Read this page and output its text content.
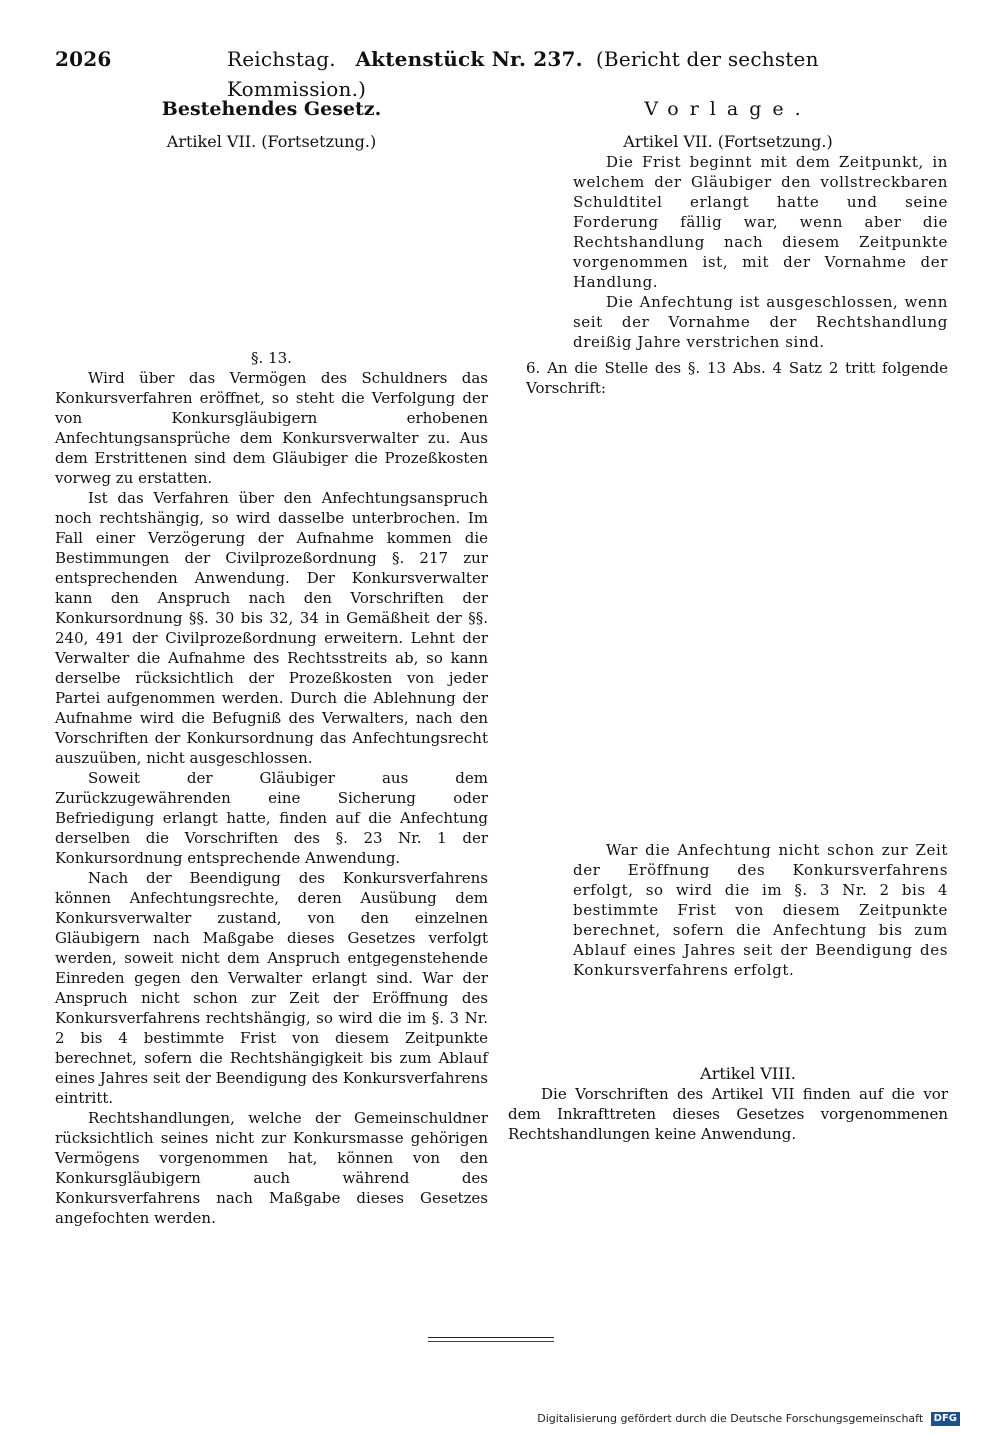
2026	Reichstag. Aktenstück Nr. 237. (Bericht der sechsten Kommission.)
Bestehendes Gesetz.
Artikel VII. (Fortsetzung.)
§. 13.

Wird über das Vermögen des Schuldners das Konkursverfahren eröffnet, so steht die Verfolgung der von Konkursgläubigern erhobenen Anfechtungsansprüche dem Konkursverwalter zu. Aus dem Erstrittenen sind dem Gläubiger die Prozeßkosten vorweg zu erstatten.

Ist das Verfahren über den Anfechtungsanspruch noch rechtshängig, so wird dasselbe unterbrochen. Im Fall einer Verzögerung der Aufnahme kommen die Bestimmungen der Civilprozeßordnung §. 217 zur entsprechenden Anwendung. Der Konkursverwalter kann den Anspruch nach den Vorschriften der Konkursordnung §§. 30 bis 32, 34 in Gemäßheit der §§. 240, 491 der Civilprozeßordnung erweitern. Lehnt der Verwalter die Aufnahme des Rechtsstreits ab, so kann derselbe rücksichtlich der Prozeßkosten von jeder Partei aufgenommen werden. Durch die Ablehnung der Aufnahme wird die Befugniß des Verwalters, nach den Vorschriften der Konkursordnung das Anfechtungsrecht auszuüben, nicht ausgeschlossen.

Soweit der Gläubiger aus dem Zurückzugewährenden eine Sicherung oder Befriedigung erlangt hatte, finden auf die Anfechtung derselben die Vorschriften des §. 23 Nr. 1 der Konkursordnung entsprechende Anwendung.

Nach der Beendigung des Konkursverfahrens können Anfechtungsrechte, deren Ausübung dem Konkursverwalter zustand, von den einzelnen Gläubigern nach Maßgabe dieses Gesetzes verfolgt werden, soweit nicht dem Anspruch entgegenstehende Einreden gegen den Verwalter erlangt sind. War der Anspruch nicht schon zur Zeit der Eröffnung des Konkursverfahrens rechtshängig, so wird die im §. 3 Nr. 2 bis 4 bestimmte Frist von diesem Zeitpunkte berechnet, sofern die Rechtshängigkeit bis zum Ablauf eines Jahres seit der Beendigung des Konkursverfahrens eintritt.

Rechtshandlungen, welche der Gemeinschuldner rücksichtlich seines nicht zur Konkursmasse gehörigen Vermögens vorgenommen hat, können von den Konkursgläubigern auch während des Konkursverfahrens nach Maßgabe dieses Gesetzes angefochten werden.

Vorlage.
Artikel VII. (Fortsetzung.)

Die Frist beginnt mit dem Zeitpunkt, in welchem der Gläubiger den vollstreckbaren Schuldtitel erlangt hatte und seine Forderung fällig war, wenn aber die Rechtshandlung nach diesem Zeitpunkte vorgenommen ist, mit der Vornahme der Handlung.

Die Anfechtung ist ausgeschlossen, wenn seit der Vornahme der Rechtshandlung dreißig Jahre verstrichen sind.

6. An die Stelle des §. 13 Abs. 4 Satz 2 tritt folgende Vorschrift:

War die Anfechtung nicht schon zur Zeit der Eröffnung des Konkursverfahrens erfolgt, so wird die im §. 3 Nr. 2 bis 4 bestimmte Frist von diesem Zeitpunkte berechnet, sofern die Anfechtung bis zum Ablauf eines Jahres seit der Beendigung des Konkursverfahrens erfolgt.

Artikel VIII.

Die Vorschriften des Artikel VII finden auf die vor dem Inkrafttreten dieses Gesetzes vorgenommenen Rechtshandlungen keine Anwendung.

Digitalisierung gefördert durch die Deutsche Forschungsgemeinschaft DFG
